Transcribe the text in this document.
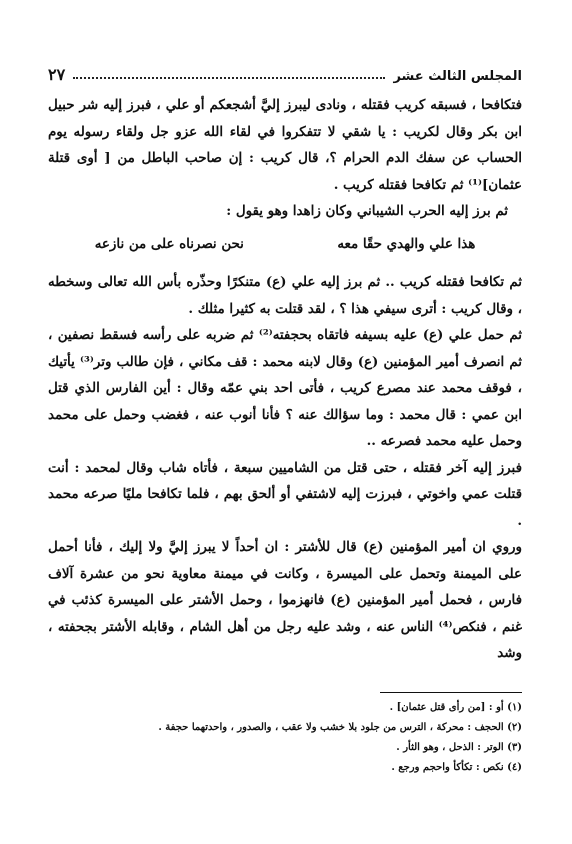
المجلس الثالث عشر
٢٧

فتكافحا ، فسبقه كريب فقتله ، ونادى ليبرز إليَّ أشجعكم أو علي ، فبرز إليه شر حبيل ابن بكر وقال لكريب : يا شقي لا تتفكروا في لقاء الله عزو جل ولقاء رسوله يوم الحساب عن سفك الدم الحرام ؟، قال كريب : إن صاحب الباطل من [ أوى قتلة عثمان]⁽¹⁾ ثم تكافحا فقتله كريب .

ثم برز إليه الحرب الشيباني وكان زاهدا وهو يقول :

هذا علي والهدي حقًا معه
نحن نصرناه على من نازعه

ثم تكافحا فقتله كريب .. ثم برز إليه علي (ع) متنكرًا وحذّره بأس الله تعالى وسخطه ، وقال كريب : أترى سيفي هذا ؟ ، لقد قتلت به كثيرا مثلك .

ثم حمل علي (ع) عليه بسيفه فاتقاه بحجفته⁽²⁾ ثم ضربه على رأسه فسقط نصفين ، ثم انصرف أمير المؤمنين (ع) وقال لابنه محمد : قف مكاني ، فإن طالب وتر⁽³⁾ يأتيك ، فوقف محمد عند مصرع كريب ، فأتى احد بني عمّه وقال : أين الفارس الذي قتل ابن عمي : قال محمد : وما سؤالك عنه ؟ فأنا أنوب عنه ، فغضب وحمل على محمد وحمل عليه محمد فصرعه ..

فبرز إليه آخر فقتله ، حتى قتل من الشاميين سبعة ، فأتاه شاب وقال لمحمد : أنت قتلت عمي واخوتي ، فبرزت إليه لاشتفي أو ألحق بهم ، فلما تكافحا مليًا صرعه محمد .

وروي ان أمير المؤمنين (ع) قال للأشتر : ان أحداً لا يبرز إليَّ ولا إليك ، فأنا أحمل على الميمنة وتحمل على الميسرة ، وكانت في ميمنة معاوية نحو من عشرة آلاف فارس ، فحمل أمير المؤمنين (ع) فانهزموا ، وحمل الأشتر على الميسرة كذئب في غنم ، فنكص⁽⁴⁾ الناس عنه ، وشد عليه رجل من أهل الشام ، وقابله الأشتر بجحفته ، وشد

(١) أو : [من رأى قتل عثمان] .
(٢) الحجف : محركة ، الترس من جلود بلا خشب ولا عقب ، والصدور ، واحدتهما حجفة .
(٣) الوتر : الذحل ، وهو الثأر .
(٤) نكص : تكأكأ واحجم ورجع .
